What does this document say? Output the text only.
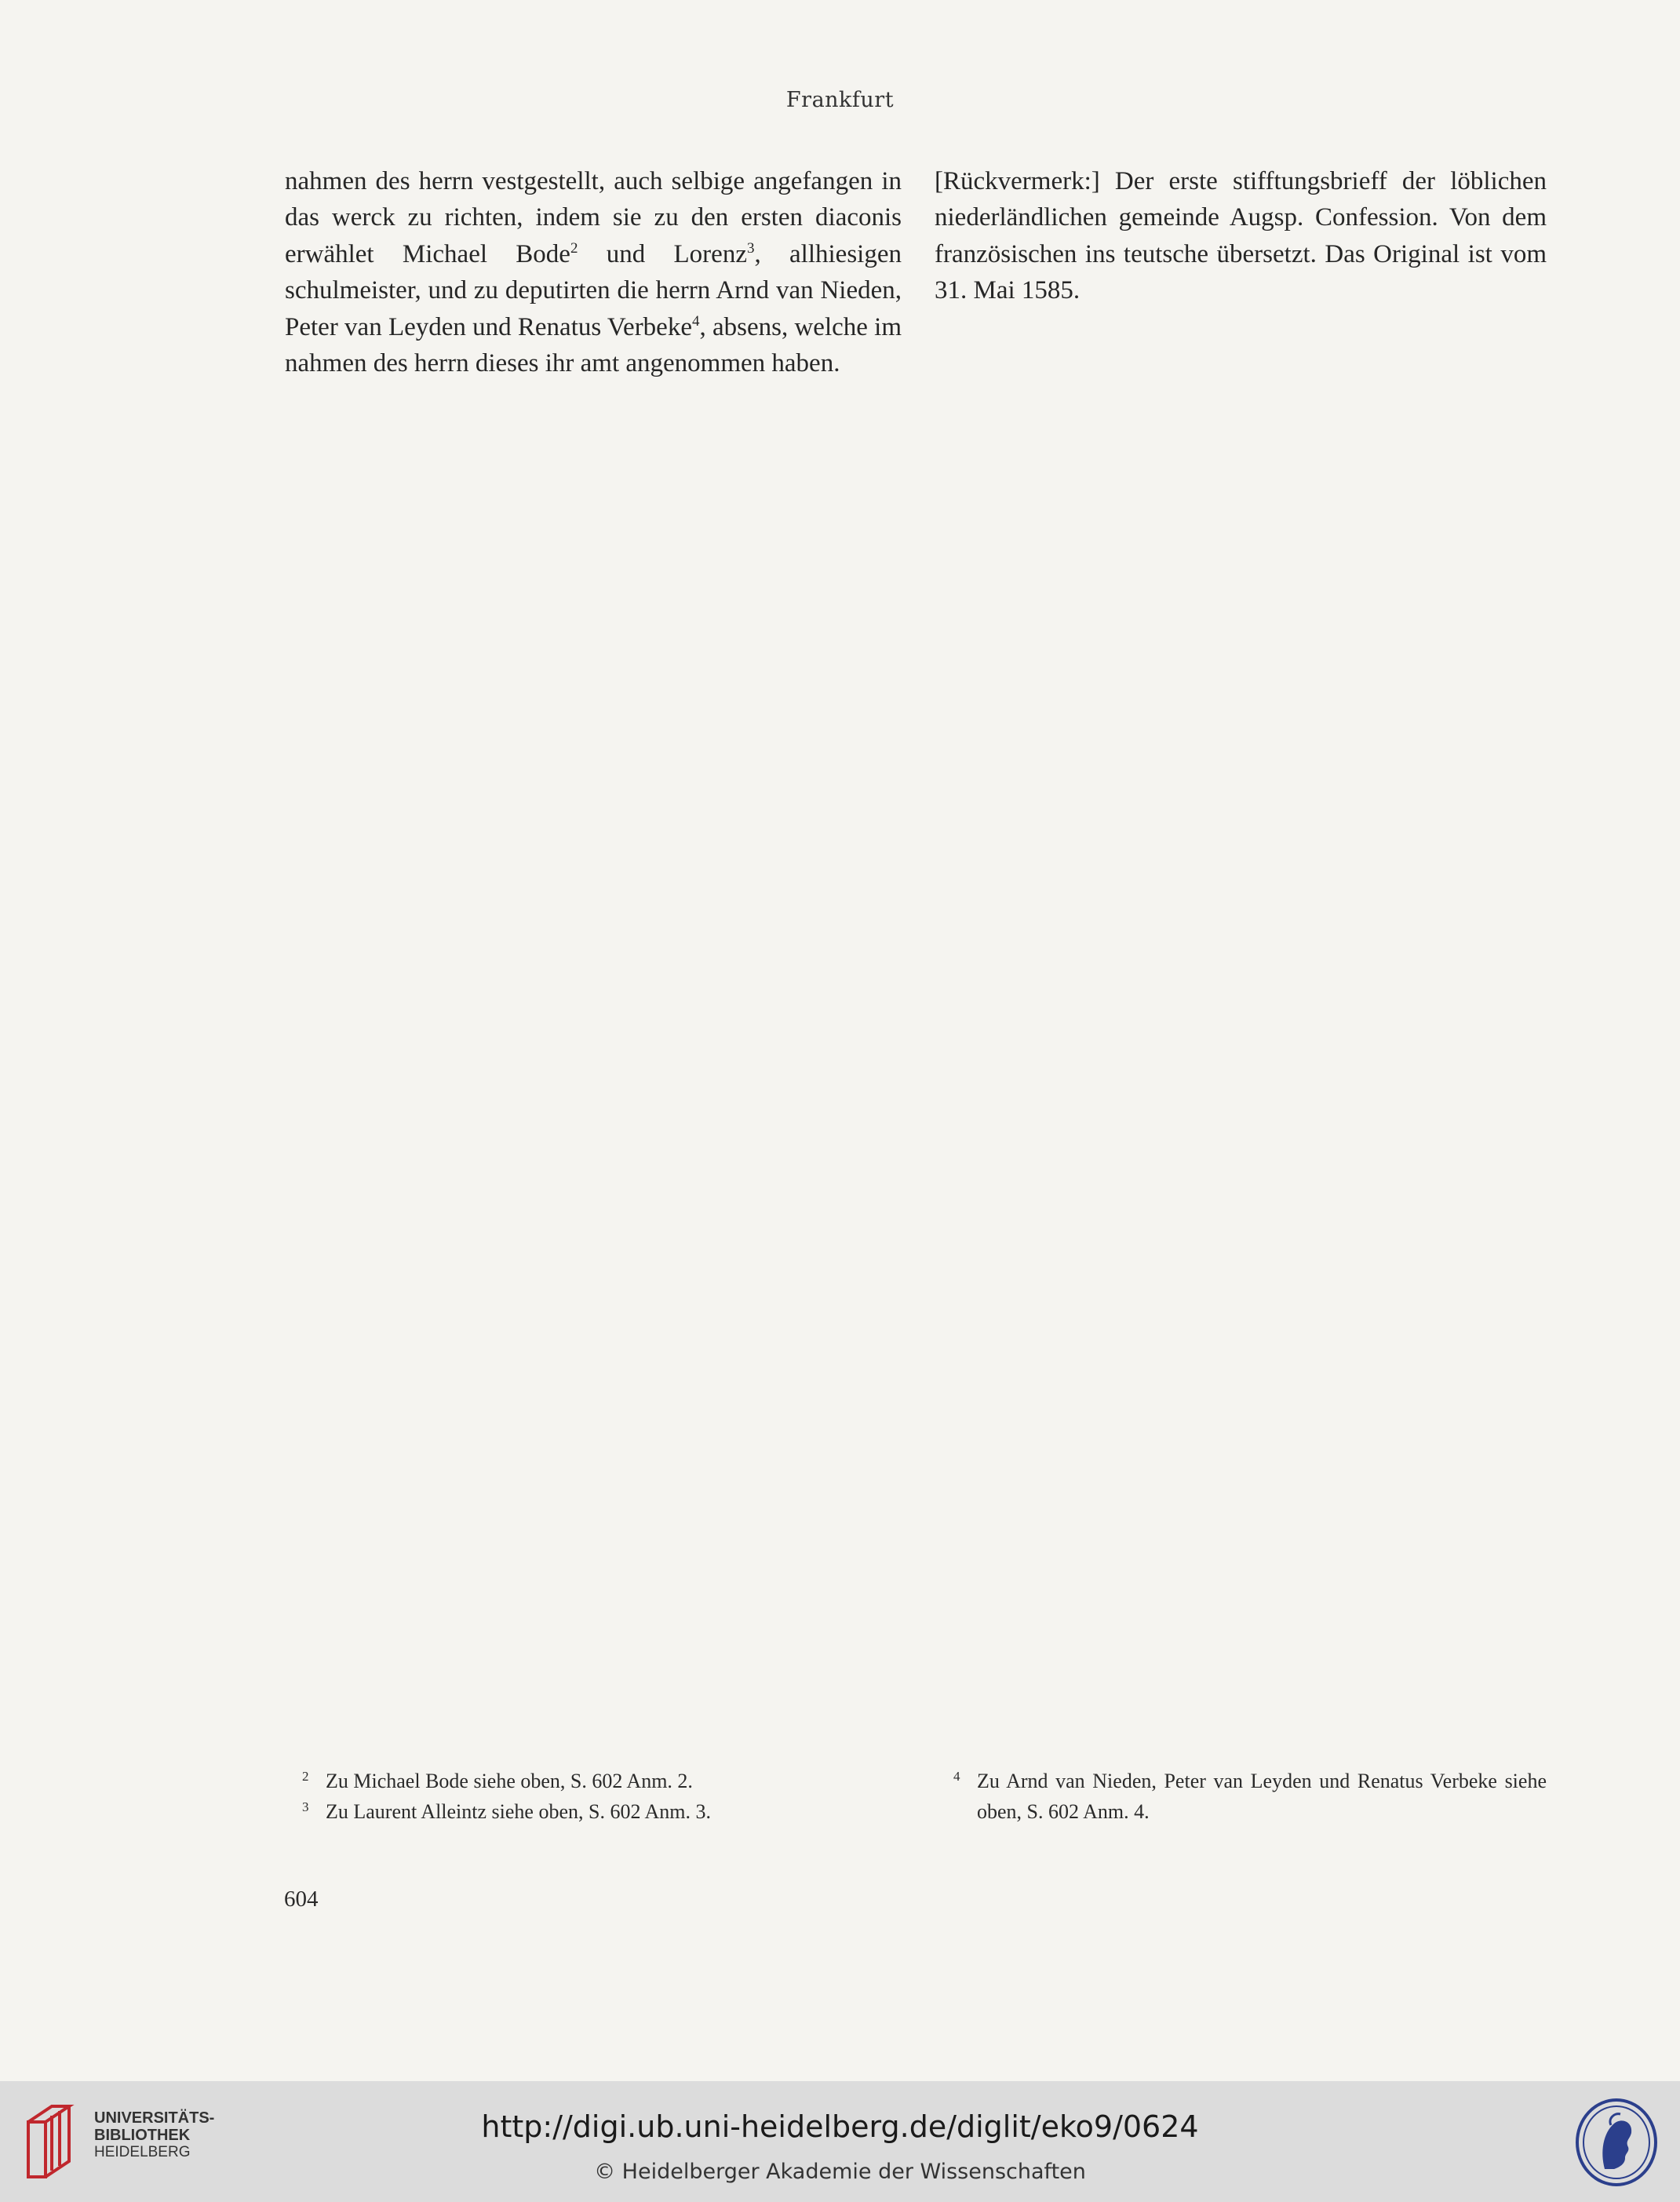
Frankfurt
nahmen des herrn vestgestellt, auch selbige angefangen in das werck zu richten, indem sie zu den ersten diaconis erwählet Michael Bode$^2$ und Lorenz$^3$, allhiesigen schulmeister, und zu deputirten die herrn Arnd van Nieden, Peter van Leyden und Renatus Verbeke$^4$, absens, welche im nahmen des herrn dieses ihr amt angenommen haben.
[Rückvermerk:] Der erste stifftungsbrieff der löblichen niederländlichen gemeinde Augsp. Confession. Von dem französischen ins teutsche übersetzt. Das Original ist vom 31. Mai 1585.
2 Zu Michael Bode siehe oben, S. 602 Anm. 2.
3 Zu Laurent Alleintz siehe oben, S. 602 Anm. 3.
4 Zu Arnd van Nieden, Peter van Leyden und Renatus Verbeke siehe oben, S. 602 Anm. 4.
604
UNIVERSITÄTS-
BIBLIOTHEK
HEIDELBERG
http://digi.ub.uni-heidelberg.de/diglit/eko9/0624
© Heidelberger Akademie der Wissenschaften
